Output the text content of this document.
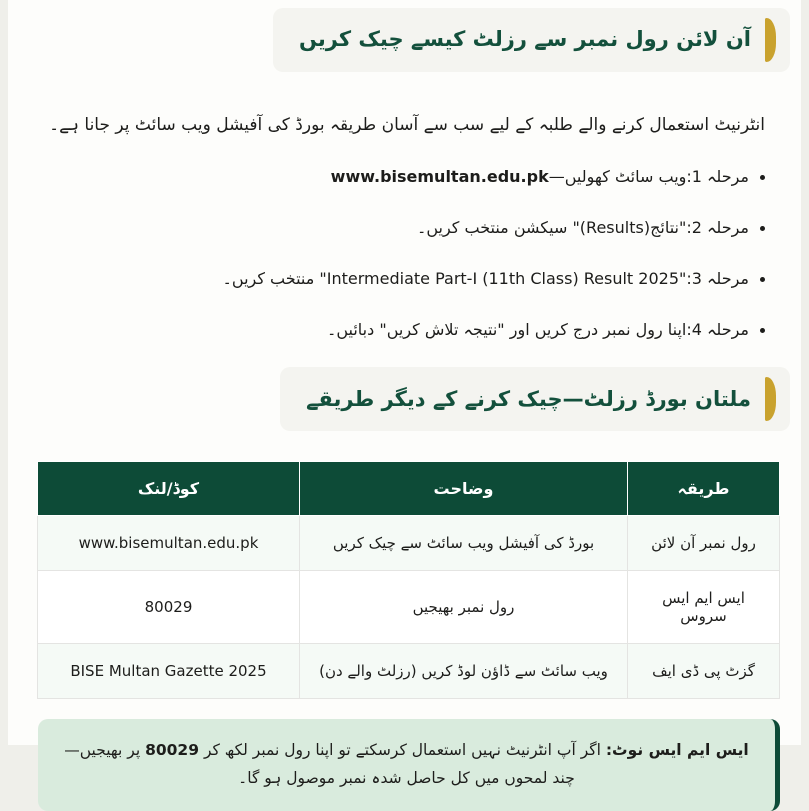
آن لائن رول نمبر سے رزلٹ کیسے چیک کریں

انٹرنیٹ استعمال کرنے والے طلبہ کے لیے سب سے آسان طریقہ بورڈ کی آفیشل ویب سائٹ پر جانا ہے۔

• مرحلہ 1:ویب سائٹ کھولیں—www.bisemultan.edu.pk
• مرحلہ 2:"نتائج(Results)" سیکشن منتخب کریں۔
• مرحلہ 3:"Intermediate Part-I (11th Class) Result 2025" منتخب کریں۔
• مرحلہ 4:اپنا رول نمبر درج کریں اور "نتیجہ تلاش کریں" دبائیں۔
ملتان بورڈ رزلٹ—چیک کرنے کے دیگر طریقے
طریقہ	وضاحت	کوڈ/لنک
رول نمبر آن لائن	بورڈ کی آفیشل ویب سائٹ سے چیک کریں	www.bisemultan.edu.pk
ایس ایم ایس سروس	رول نمبر بھیجیں	80029
گزٹ پی ڈی ایف	ویب سائٹ سے ڈاؤن لوڈ کریں (رزلٹ والے دن)	BISE Multan Gazette 2025
ایس ایم ایس نوٹ: اگر آپ انٹرنیٹ نہیں استعمال کرسکتے تو اپنا رول نمبر لکھ کر 80029 پر بھیجیں—چند لمحوں میں کل حاصل شدہ نمبر موصول ہو گا۔
